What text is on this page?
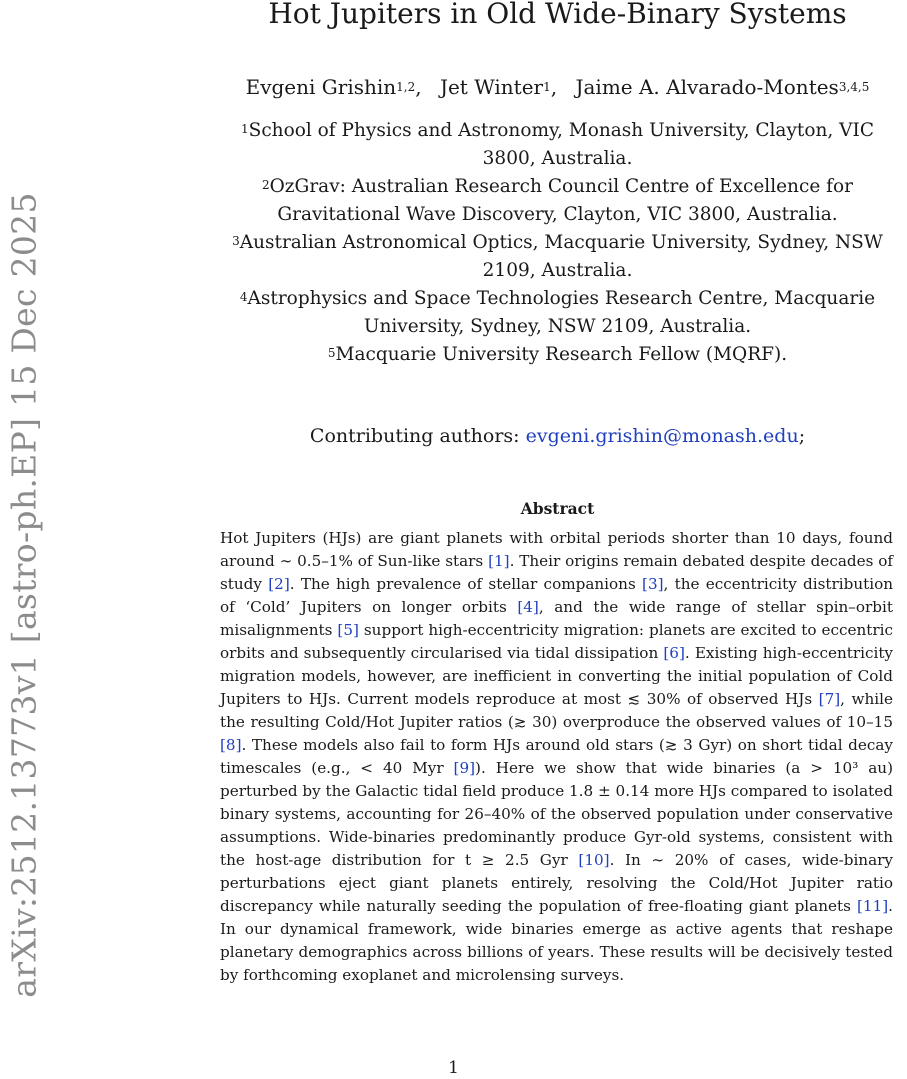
arXiv:2512.13773v1 [astro-ph.EP] 15 Dec 2025
Hot Jupiters in Old Wide-Binary Systems
Evgeni Grishin$^{1,2}$, Jet Winter$^1$, Jaime A. Alvarado-Montes$^{3,4,5}$
$^1$School of Physics and Astronomy, Monash University, Clayton, VIC 3800, Australia.
$^2$OzGrav: Australian Research Council Centre of Excellence for Gravitational Wave Discovery, Clayton, VIC 3800, Australia.
$^3$Australian Astronomical Optics, Macquarie University, Sydney, NSW 2109, Australia.
$^4$Astrophysics and Space Technologies Research Centre, Macquarie University, Sydney, NSW 2109, Australia.
$^5$Macquarie University Research Fellow (MQRF).
Contributing authors: evgeni.grishin@monash.edu;
Abstract

Hot Jupiters (HJs) are giant planets with orbital periods shorter than 10 days, found around ∼ 0.5–1% of Sun-like stars [1]. Their origins remain debated despite decades of study [2]. The high prevalence of stellar companions [3], the eccentricity distribution of ‘Cold’ Jupiters on longer orbits [4], and the wide range of stellar spin–orbit misalignments [5] support high-eccentricity migration: planets are excited to eccentric orbits and subsequently circularised via tidal dissipation [6]. Existing high-eccentricity migration models, however, are inefficient in converting the initial population of Cold Jupiters to HJs. Current models reproduce at most ≲ 30% of observed HJs [7], while the resulting Cold/Hot Jupiter ratios (≳ 30) overproduce the observed values of 10–15 [8]. These models also fail to form HJs around old stars (≳ 3 Gyr) on short tidal decay timescales (e.g., < 40 Myr [9]). Here we show that wide binaries (a > 10³ au) perturbed by the Galactic tidal field produce 1.8 ± 0.14 more HJs compared to isolated binary systems, accounting for 26–40% of the observed population under conservative assumptions. Wide-binaries predominantly produce Gyr-old systems, consistent with the host-age distribution for t ≥ 2.5 Gyr [10]. In ∼ 20% of cases, wide-binary perturbations eject giant planets entirely, resolving the Cold/Hot Jupiter ratio discrepancy while naturally seeding the population of free-floating giant planets [11]. In our dynamical framework, wide binaries emerge as active agents that reshape planetary demographics across billions of years. These results will be decisively tested by forthcoming exoplanet and microlensing surveys.

1
